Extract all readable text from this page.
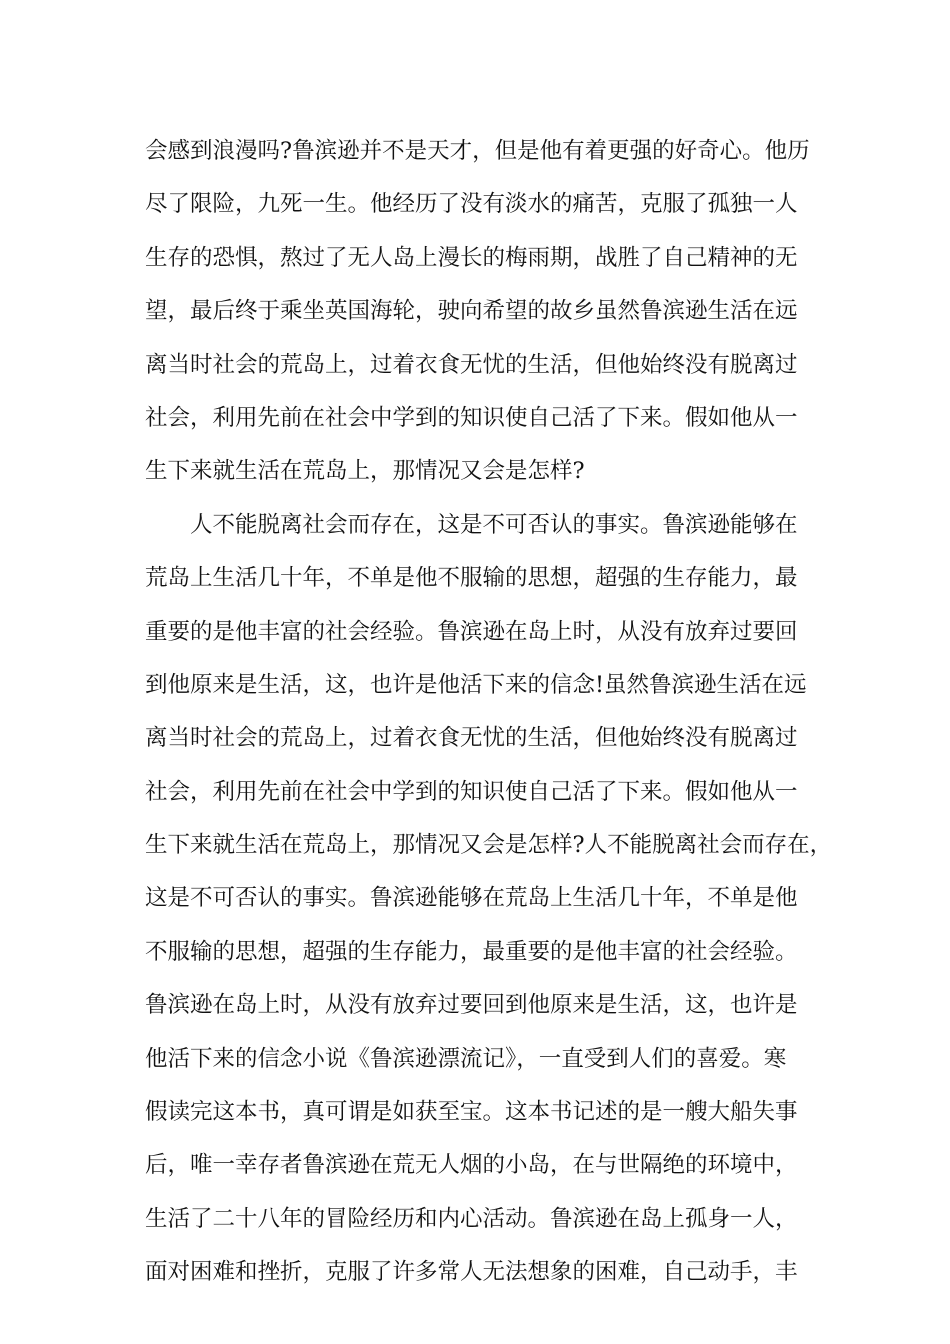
会感到浪漫吗?鲁滨逊并不是天才，但是他有着更强的好奇心。他历
尽了限险，九死一生。他经历了没有淡水的痛苦，克服了孤独一人
生存的恐惧，熬过了无人岛上漫长的梅雨期，战胜了自己精神的无
望，最后终于乘坐英国海轮，驶向希望的故乡虽然鲁滨逊生活在远
离当时社会的荒岛上，过着衣食无忧的生活，但他始终没有脱离过
社会，利用先前在社会中学到的知识使自己活了下来。假如他从一
生下来就生活在荒岛上，那情况又会是怎样?
人不能脱离社会而存在，这是不可否认的事实。鲁滨逊能够在
荒岛上生活几十年，不单是他不服输的思想，超强的生存能力，最
重要的是他丰富的社会经验。鲁滨逊在岛上时，从没有放弃过要回
到他原来是生活，这，也许是他活下来的信念!虽然鲁滨逊生活在远
离当时社会的荒岛上，过着衣食无忧的生活，但他始终没有脱离过
社会，利用先前在社会中学到的知识使自己活了下来。假如他从一
生下来就生活在荒岛上，那情况又会是怎样?人不能脱离社会而存在，
这是不可否认的事实。鲁滨逊能够在荒岛上生活几十年，不单是他
不服输的思想，超强的生存能力，最重要的是他丰富的社会经验。
鲁滨逊在岛上时，从没有放弃过要回到他原来是生活，这，也许是
他活下来的信念小说《鲁滨逊漂流记》，一直受到人们的喜爱。寒
假读完这本书，真可谓是如获至宝。这本书记述的是一艘大船失事
后，唯一幸存者鲁滨逊在荒无人烟的小岛，在与世隔绝的环境中，
生活了二十八年的冒险经历和内心活动。鲁滨逊在岛上孤身一人，
面对困难和挫折，克服了许多常人无法想象的困难，自己动手，丰
